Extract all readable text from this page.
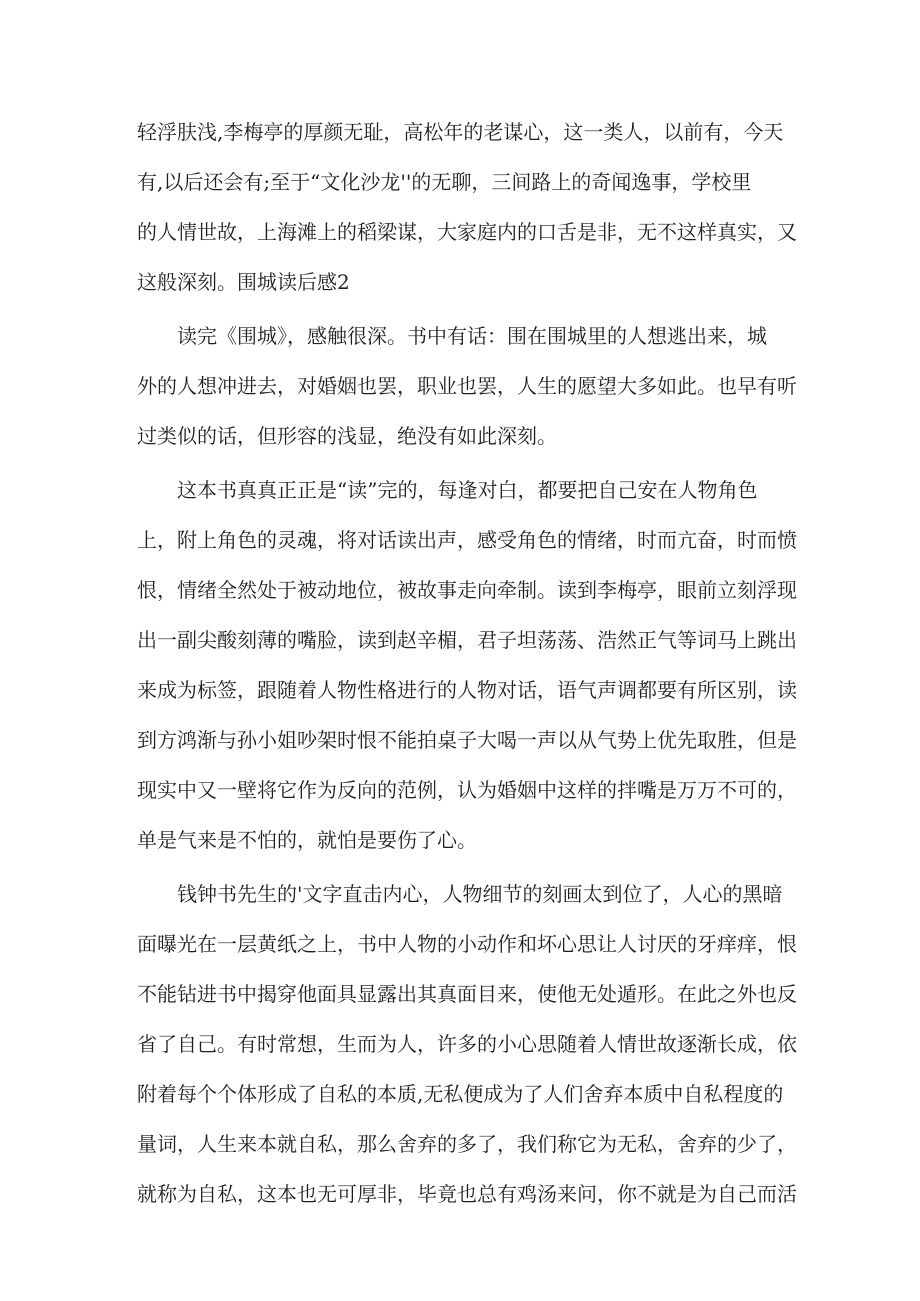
轻浮肤浅,李梅亭的厚颜无耻，高松年的老谋心，这一类人，以前有，今天
有,以后还会有;至于“文化沙龙''的无聊，三间路上的奇闻逸事，学校里
的人情世故，上海滩上的稻梁谋，大家庭内的口舌是非，无不这样真实，又
这般深刻。围城读后感2
读完《围城》，感触很深。书中有话：围在围城里的人想逃出来，城
外的人想冲进去，对婚姻也罢，职业也罢，人生的愿望大多如此。也早有听
过类似的话，但形容的浅显，绝没有如此深刻。
这本书真真正正是“读”完的，每逢对白，都要把自己安在人物角色
上，附上角色的灵魂，将对话读出声，感受角色的情绪，时而亢奋，时而愤
恨，情绪全然处于被动地位，被故事走向牵制。读到李梅亭，眼前立刻浮现
出一副尖酸刻薄的嘴脸，读到赵辛楣，君子坦荡荡、浩然正气等词马上跳出
来成为标签，跟随着人物性格进行的人物对话，语气声调都要有所区别，读
到方鸿渐与孙小姐吵架时恨不能拍桌子大喝一声以从气势上优先取胜，但是
现实中又一壁将它作为反向的范例，认为婚姻中这样的拌嘴是万万不可的，
单是气来是不怕的，就怕是要伤了心。
钱钟书先生的'文字直击内心，人物细节的刻画太到位了，人心的黑暗
面曝光在一层黄纸之上，书中人物的小动作和坏心思让人讨厌的牙痒痒，恨
不能钻进书中揭穿他面具显露出其真面目来，使他无处遁形。在此之外也反
省了自己。有时常想，生而为人，许多的小心思随着人情世故逐渐长成，依
附着每个个体形成了自私的本质,无私便成为了人们舍弃本质中自私程度的
量词，人生来本就自私，那么舍弃的多了，我们称它为无私，舍弃的少了，
就称为自私，这本也无可厚非，毕竟也总有鸡汤来问，你不就是为自己而活
